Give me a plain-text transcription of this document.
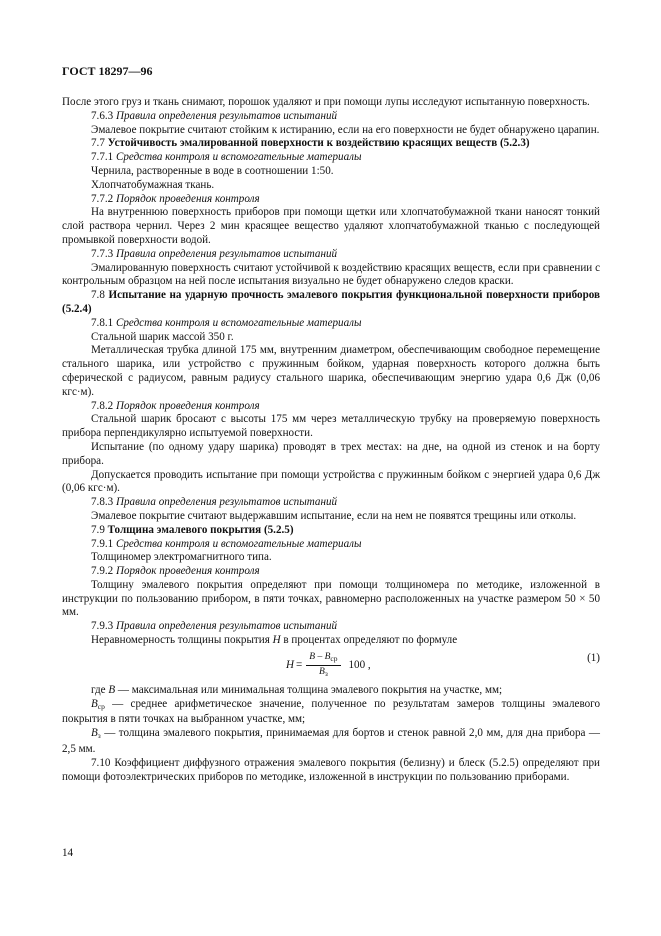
ГОСТ 18297—96

После этого груз и ткань снимают, порошок удаляют и при помощи лупы исследуют испытанную поверхность.

7.6.3 Правила определения результатов испытаний

Эмалевое покрытие считают стойким к истиранию, если на его поверхности не будет обнаружено царапин.

7.7 Устойчивость эмалированной поверхности к воздействию красящих веществ (5.2.3)

7.7.1 Средства контроля и вспомогательные материалы

Чернила, растворенные в воде в соотношении 1:50.

Хлопчатобумажная ткань.

7.7.2 Порядок проведения контроля

На внутреннюю поверхность приборов при помощи щетки или хлопчатобумажной ткани наносят тонкий слой раствора чернил. Через 2 мин красящее вещество удаляют хлопчатобумажной тканью с последующей промывкой поверхности водой.

7.7.3 Правила определения результатов испытаний

Эмалированную поверхность считают устойчивой к воздействию красящих веществ, если при сравнении с контрольным образцом на ней после испытания визуально не будет обнаружено следов краски.

7.8 Испытание на ударную прочность эмалевого покрытия функциональной поверхности приборов (5.2.4)

7.8.1 Средства контроля и вспомогательные материалы

Стальной шарик массой 350 г.

Металлическая трубка длиной 175 мм, внутренним диаметром, обеспечивающим свободное перемещение стального шарика, или устройство с пружинным бойком, ударная поверхность которого должна быть сферической с радиусом, равным радиусу стального шарика, обеспечивающим энергию удара 0,6 Дж (0,06 кгс·м).

7.8.2 Порядок проведения контроля

Стальной шарик бросают с высоты 175 мм через металлическую трубку на проверяемую поверхность прибора перпендикулярно испытуемой поверхности.

Испытание (по одному удару шарика) проводят в трех местах: на дне, на одной из стенок и на борту прибора.

Допускается проводить испытание при помощи устройства с пружинным бойком с энергией удара 0,6 Дж (0,06 кгс·м).

7.8.3 Правила определения результатов испытаний

Эмалевое покрытие считают выдержавшим испытание, если на нем не появятся трещины или отколы.

7.9 Толщина эмалевого покрытия (5.2.5)

7.9.1 Средства контроля и вспомогательные материалы

Толщиномер электромагнитного типа.

7.9.2 Порядок проведения контроля

Толщину эмалевого покрытия определяют при помощи толщиномера по методике, изложенной в инструкции по пользованию прибором, в пяти точках, равномерно расположенных на участке размером 50 × 50 мм.

7.9.3 Правила определения результатов испытаний

Неравномерность толщины покрытия Н в процентах определяют по формуле

$Н = \frac{В - В_{ср}}{В_з} 100$ ,
(1)

где В — максимальная или минимальная толщина эмалевого покрытия на участке, мм;

$В_{ср}$ — среднее арифметическое значение, полученное по результатам замеров толщины эмалевого покрытия в пяти точках на выбранном участке, мм;

$В_з$ — толщина эмалевого покрытия, принимаемая для бортов и стенок равной 2,0 мм, для дна прибора — 2,5 мм.

7.10 Коэффициент диффузного отражения эмалевого покрытия (белизну) и блеск (5.2.5) определяют при помощи фотоэлектрических приборов по методике, изложенной в инструкции по пользованию приборами.

14
